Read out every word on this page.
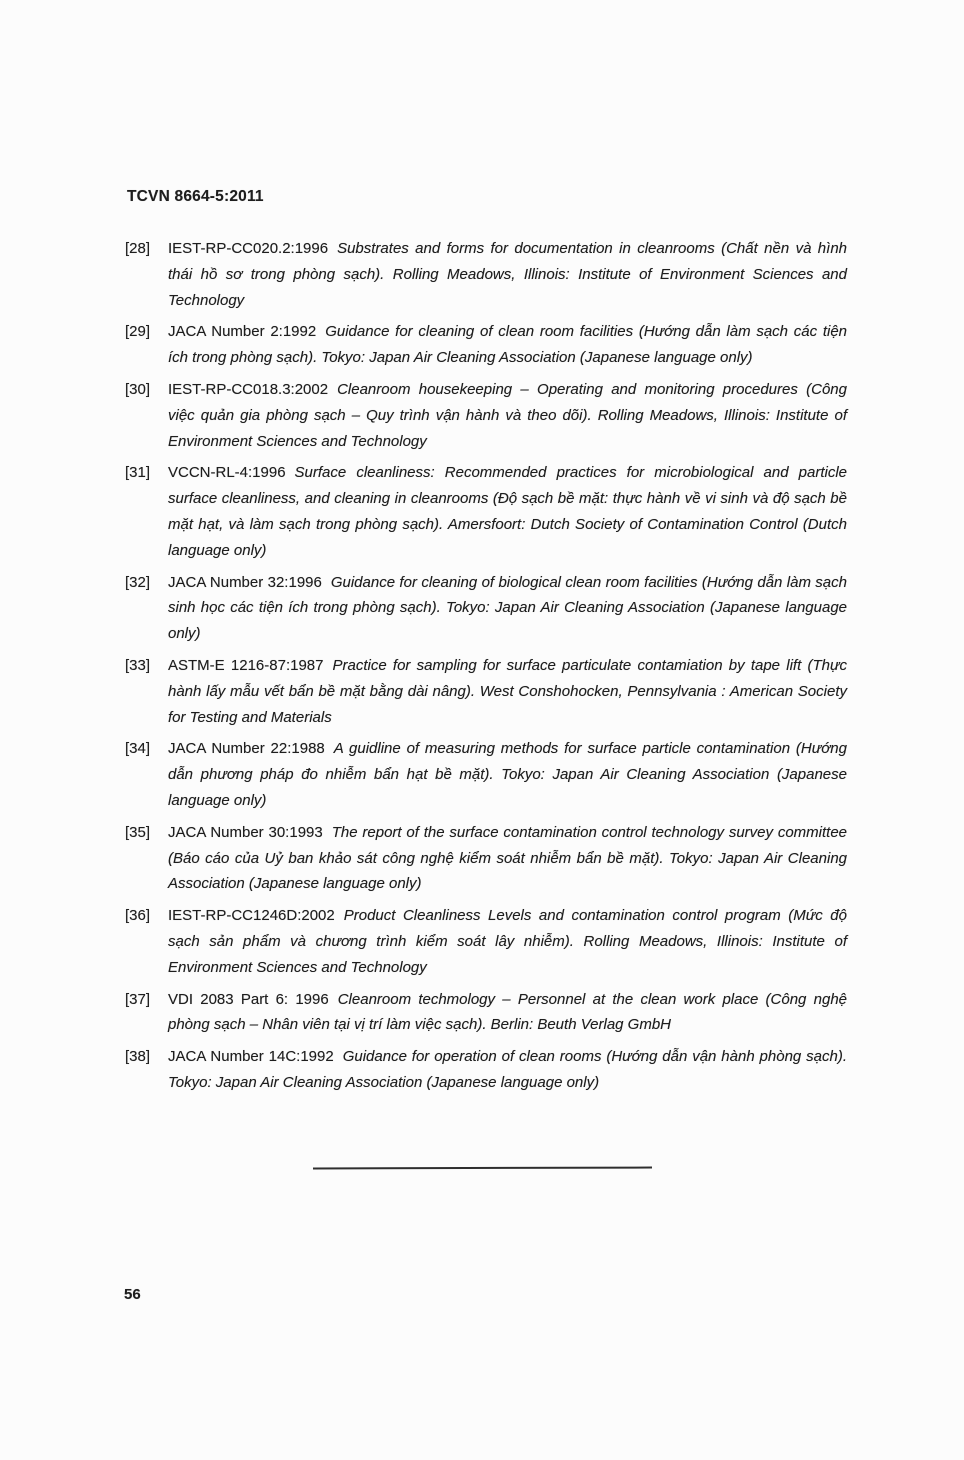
TCVN 8664-5:2011
[28]	IEST-RP-CC020.2:1996 Substrates and forms for documentation in cleanrooms (Chất nền và hình thái hồ sơ trong phòng sạch). Rolling Meadows, Illinois: Institute of Environment Sciences and Technology
[29]	JACA Number 2:1992 Guidance for cleaning of clean room facilities (Hướng dẫn làm sạch các tiện ích trong phòng sạch). Tokyo: Japan Air Cleaning Association (Japanese language only)
[30]	IEST-RP-CC018.3:2002 Cleanroom housekeeping – Operating and monitoring procedures (Công việc quản gia phòng sạch – Quy trình vận hành và theo dõi). Rolling Meadows, Illinois: Institute of Environment Sciences and Technology
[31]	VCCN-RL-4:1996 Surface cleanliness: Recommended practices for microbiological and particle surface cleanliness, and cleaning in cleanrooms (Độ sạch bề mặt: thực hành về vi sinh và độ sạch bề mặt hạt, và làm sạch trong phòng sạch). Amersfoort: Dutch Society of Contamination Control (Dutch language only)
[32]	JACA Number 32:1996 Guidance for cleaning of biological clean room facilities (Hướng dẫn làm sạch sinh học các tiện ích trong phòng sạch). Tokyo: Japan Air Cleaning Association (Japanese language only)
[33]	ASTM-E 1216-87:1987 Practice for sampling for surface particulate contamiation by tape lift (Thực hành lấy mẫu vết bẩn bề mặt bằng dài nâng). West Conshohocken, Pennsylvania : American Society for Testing and Materials
[34]	JACA Number 22:1988 A guidline of measuring methods for surface particle contamination (Hướng dẫn phương pháp đo nhiễm bẩn hạt bề mặt). Tokyo: Japan Air Cleaning Association (Japanese language only)
[35]	JACA Number 30:1993 The report of the surface contamination control technology survey committee (Báo cáo của Uỷ ban khảo sát công nghệ kiểm soát nhiễm bẩn bề mặt). Tokyo: Japan Air Cleaning Association (Japanese language only)
[36]	IEST-RP-CC1246D:2002 Product Cleanliness Levels and contamination control program (Mức độ sạch sản phẩm và chương trình kiểm soát lây nhiễm). Rolling Meadows, Illinois: Institute of Environment Sciences and Technology
[37]	VDI 2083 Part 6: 1996 Cleanroom techmology – Personnel at the clean work place (Công nghệ phòng sạch – Nhân viên tại vị trí làm việc sạch). Berlin: Beuth Verlag GmbH
[38]	JACA Number 14C:1992 Guidance for operation of clean rooms (Hướng dẫn vận hành phòng sạch). Tokyo: Japan Air Cleaning Association (Japanese language only)
56
